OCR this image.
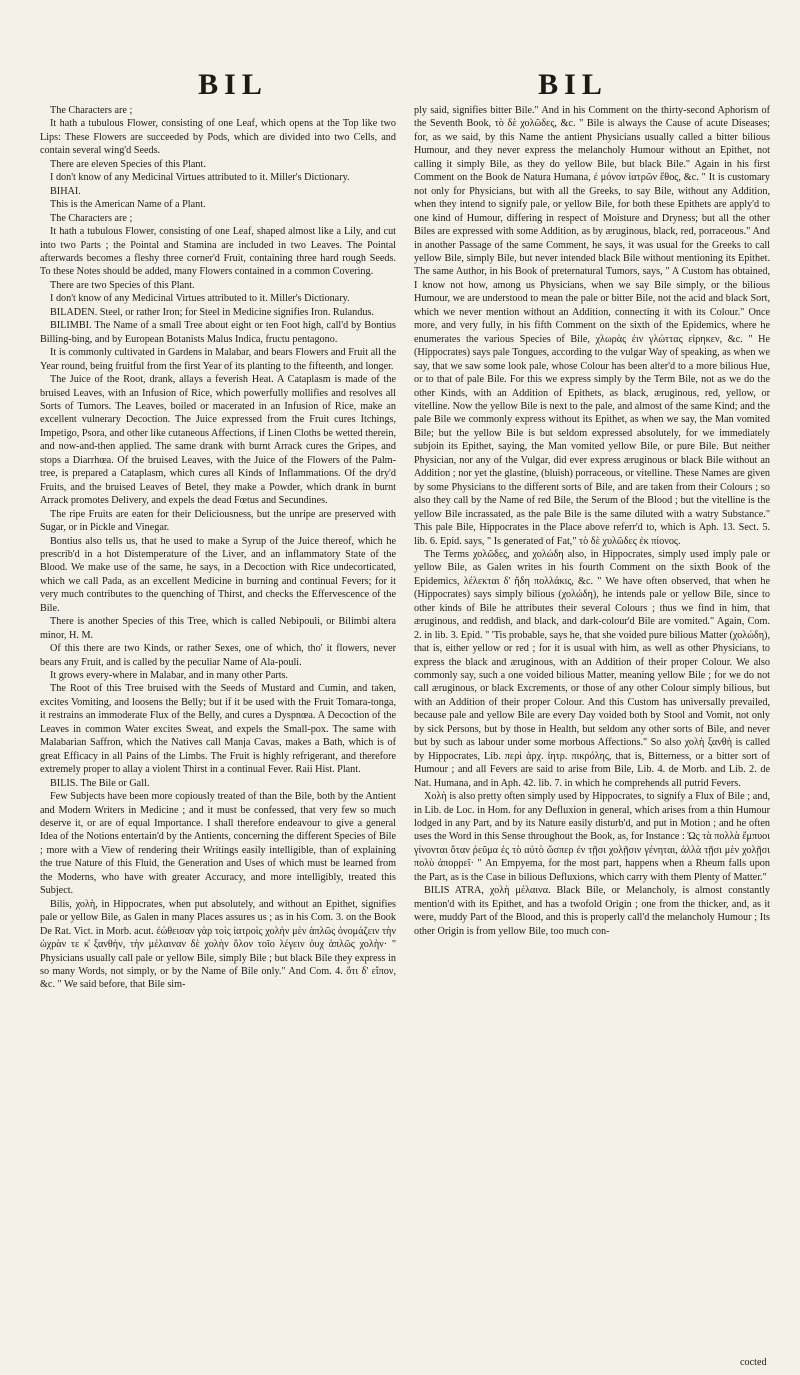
BIL	BIL

The Characters are ;

It hath a tubulous Flower, consisting of one Leaf, which opens at the Top like two Lips: These Flowers are succeeded by Pods, which are divided into two Cells, and contain several wing'd Seeds.

There are eleven Species of this Plant.

I don't know of any Medicinal Virtues attributed to it. Miller's Dictionary.

BIHAI.

This is the American Name of a Plant.

The Characters are ;

It hath a tubulous Flower, consisting of one Leaf, shaped almost like a Lily, and cut into two Parts ; the Pointal and Stamina are included in two Leaves. The Pointal afterwards becomes a fleshy three corner'd Fruit, containing three hard rough Seeds. To these Notes should be added, many Flowers contained in a common Covering.

There are two Species of this Plant.

I don't know of any Medicinal Virtues attributed to it. Miller's Dictionary.

BILADEN. Steel, or rather Iron; for Steel in Medicine signifies Iron. Rulandus.

BILIMBI. The Name of a small Tree about eight or ten Foot high, call'd by Bontius Billing-bing, and by European Botanists Malus Indica, fructu pentagono.

It is commonly cultivated in Gardens in Malabar, and bears Flowers and Fruit all the Year round, being fruitful from the first Year of its planting to the fifteenth, and longer.

The Juice of the Root, drank, allays a feverish Heat. A Cataplasm is made of the bruised Leaves, with an Infusion of Rice, which powerfully mollifies and resolves all Sorts of Tumors. The Leaves, boiled or macerated in an Infusion of Rice, make an excellent vulnerary Decoction. The Juice expressed from the Fruit cures Itchings, Impetigo, Psora, and other like cutaneous Affections, if Linen Cloths be wetted therein, and now-and-then applied. The same drank with burnt Arrack cures the Gripes, and stops a Diarrhœa. Of the bruised Leaves, with the Juice of the Flowers of the Palm-tree, is prepared a Cataplasm, which cures all Kinds of Inflammations. Of the dry'd Fruits, and the bruised Leaves of Betel, they make a Powder, which drank in burnt Arrack promotes Delivery, and expels the dead Fœtus and Secundines.

The ripe Fruits are eaten for their Deliciousness, but the unripe are preserved with Sugar, or in Pickle and Vinegar.

Bontius also tells us, that he used to make a Syrup of the Juice thereof, which he prescrib'd in a hot Distemperature of the Liver, and an inflammatory State of the Blood. We make use of the same, he says, in a Decoction with Rice undecorticated, which we call Pada, as an excellent Medicine in burning and continual Fevers; for it very much contributes to the quenching of Thirst, and checks the Effervescence of the Bile.

There is another Species of this Tree, which is called Nebipouli, or Bilimbi altera minor, H. M.

Of this there are two Kinds, or rather Sexes, one of which, tho' it flowers, never bears any Fruit, and is called by the peculiar Name of Ala-pouli.

It grows every-where in Malabar, and in many other Parts.

The Root of this Tree bruised with the Seeds of Mustard and Cumin, and taken, excites Vomiting, and loosens the Belly; but if it be used with the Fruit Tomara-tonga, it restrains an immoderate Flux of the Belly, and cures a Dyspnœa. A Decoction of the Leaves in common Water excites Sweat, and expels the Small-pox. The same with Malabarian Saffron, which the Natives call Manja Cavas, makes a Bath, which is of great Efficacy in all Pains of the Limbs. The Fruit is highly refrigerant, and therefore extremely proper to allay a violent Thirst in a continual Fever. Raii Hist. Plant.

BILIS. The Bile or Gall.

Few Subjects have been more copiously treated of than the Bile, both by the Antient and Modern Writers in Medicine ; and it must be confessed, that very few so much deserve it, or are of equal Importance. I shall therefore endeavour to give a general Idea of the Notions entertain'd by the Antients, concerning the different Species of Bile ; more with a View of rendering their Writings easily intelligible, than of explaining the true Nature of this Fluid, the Generation and Uses of which must be learned from the Moderns, who have with greater Accuracy, and more intelligibly, treated this Subject.

Bilis, χολὴ, in Hippocrates, when put absolutely, and without an Epithet, signifies pale or yellow Bile, as Galen in many Places assures us ; as in his Com. 3. on the Book De Rat. Vict. in Morb. acut. ἐώθεισαν γὰρ τοὶς ἰατροὶς χολὴν μὲν ἁπλῶς ὀνομάζειν τὴν ὠχρὰν τε κ̓ ξανθὴν, τὴν μέλαιναν δὲ χολὴν ὅλον τοῖο λέγειν ὀυχ ἁπλῶς χολὴν· " Physicians usually call pale or yellow Bile, simply Bile ; but black Bile they express in so many Words, not simply, or by the Name of Bile only." And Com. 4. ὅτι δ' εἴπον, &c. " We said before, that Bile sim-

ply said, signifies bitter Bile." And in his Comment on the thirty-second Aphorism of the Seventh Book, τὸ δὲ χολῶδες, &c. " Bile is always the Cause of acute Diseases; for, as we said, by this Name the antient Physicians usually called a bitter bilious Humour, and they never express the melancholy Humour without an Epithet, not calling it simply Bile, as they do yellow Bile, but black Bile." Again in his first Comment on the Book de Natura Humana, ἐ μόνον ἰατρῶν ἔθος, &c. " It is customary not only for Physicians, but with all the Greeks, to say Bile, without any Addition, when they intend to signify pale, or yellow Bile, for both these Epithets are apply'd to one kind of Humour, differing in respect of Moisture and Dryness; but all the other Biles are expressed with some Addition, as by æruginous, black, red, porraceous." And in another Passage of the same Comment, he says, it was usual for the Greeks to call yellow Bile, simply Bile, but never intended black Bile without mentioning its Epithet. The same Author, in his Book of preternatural Tumors, says, " A Custom has obtained, I know not how, among us Physicians, when we say Bile simply, or the bilious Humour, we are understood to mean the pale or bitter Bile, not the acid and black Sort, which we never mention without an Addition, connecting it with its Colour." Once more, and very fully, in his fifth Comment on the sixth of the Epidemics, where he enumerates the various Species of Bile, χλωρὰς ἐιν γλώττας εἰρηκεν, &c. " He (Hippocrates) says pale Tongues, according to the vulgar Way of speaking, as when we say, that we saw some look pale, whose Colour has been alter'd to a more bilious Hue, or to that of pale Bile. For this we express simply by the Term Bile, not as we do the other Kinds, with an Addition of Epithets, as black, æruginous, red, yellow, or vitelline. Now the yellow Bile is next to the pale, and almost of the same Kind; and the pale Bile we commonly express without its Epithet, as when we say, the Man vomited Bile; but the yellow Bile is but seldom expressed absolutely, for we immediately subjoin its Epithet, saying, the Man vomited yellow Bile, or pure Bile. But neither Physician, nor any of the Vulgar, did ever express æruginous or black Bile without an Addition ; nor yet the glastine, (bluish) porraceous, or vitelline. These Names are given by some Physicians to the different sorts of Bile, and are taken from their Colours ; so also they call by the Name of red Bile, the Serum of the Blood ; but the vitelline is the yellow Bile incrassated, as the pale Bile is the same diluted with a watry Substance." This pale Bile, Hippocrates in the Place above referr'd to, which is Aph. 13. Sect. 5. lib. 6. Epid. says, " Is generated of Fat," τὸ δὲ χυλῶδες ἐκ πίονος.

The Terms χολῶδες, and χολώδη also, in Hippocrates, simply used imply pale or yellow Bile, as Galen writes in his fourth Comment on the sixth Book of the Epidemics, λέλεκται δ' ἤδη πολλάκις, &c. " We have often observed, that when he (Hippocrates) says simply bilious (χολώδη), he intends pale or yellow Bile, since to other kinds of Bile he attributes their several Colours ; thus we find in him, that æruginous, and reddish, and black, and dark-colour'd Bile are vomited." Again, Com. 2. in lib. 3. Epid. " 'Tis probable, says he, that she voided pure bilious Matter (χολώδη), that is, either yellow or red ; for it is usual with him, as well as other Physicians, to express the black and æruginous, with an Addition of their proper Colour. We also commonly say, such a one voided bilious Matter, meaning yellow Bile ; for we do not call æruginous, or black Excrements, or those of any other Colour simply bilious, but with an Addition of their proper Colour. And this Custom has universally prevailed, because pale and yellow Bile are every Day voided both by Stool and Vomit, not only by sick Persons, but by those in Health, but seldom any other sorts of Bile, and never but by such as labour under some morbous Affections." So also χολὴ ξανθὴ is called by Hippocrates, Lib. περὶ ἀρχ. ἰητρ. πικρόλης, that is, Bitterness, or a bitter sort of Humour ; and all Fevers are said to arise from Bile, Lib. 4. de Morb. and Lib. 2. de Nat. Humana, and in Aph. 42. lib. 7. in which he comprehends all putrid Fevers.

Χολὴ is also pretty often simply used by Hippocrates, to signify a Flux of Bile ; and, in Lib. de Loc. in Hom. for any Defluxion in general, which arises from a thin Humour lodged in any Part, and by its Nature easily disturb'd, and put in Motion ; and he often uses the Word in this Sense throughout the Book, as, for Instance : Ὡς τὰ πολλὰ ἔμπυοι γίνονται ὅταν ῥεῦμα ἐς τὸ αὐτὸ ὥσπερ ἐν τῇσι χολῇσιν γένηται, ἀλλὰ τῇσι μὲν χολῇσι πολὺ ἀπορρεῖ· " An Empyema, for the most part, happens when a Rheum falls upon the Part, as is the Case in bilious Defluxions, which carry with them Plenty of Matter."

BILIS ATRA, χολὴ μέλαινα. Black Bile, or Melancholy, is almost constantly mention'd with its Epithet, and has a twofold Origin ; one from the thicker, and, as it were, muddy Part of the Blood, and this is properly call'd the melancholy Humour ; Its other Origin is from yellow Bile, too much con-

cocted
